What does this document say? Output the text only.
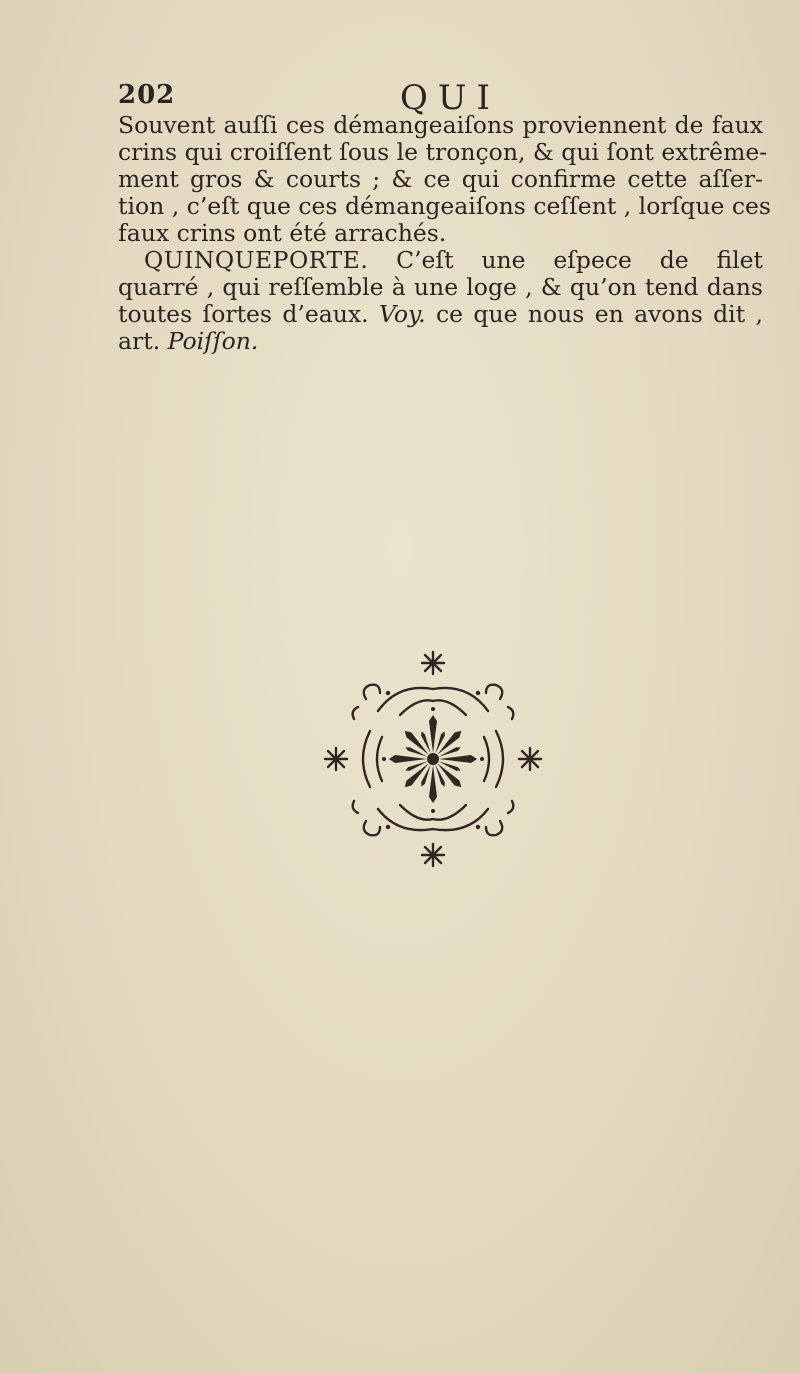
202	QUI
Souvent auſſi ces démangeaiſons proviennent de faux
crins qui croiſſent ſous le tronçon, & qui ſont extrême-
ment gros & courts ; & ce qui confirme cette aſſer-
tion , c’eſt que ces démangeaiſons ceſſent , lorſque ces
faux crins ont été arrachés.
QUINQUEPORTE. C’eſt une eſpece de filet
quarré , qui reſſemble à une loge , & qu’on tend dans
toutes ſortes d’eaux. Voy. ce que nous en avons dit ,
art. Poiſſon.
